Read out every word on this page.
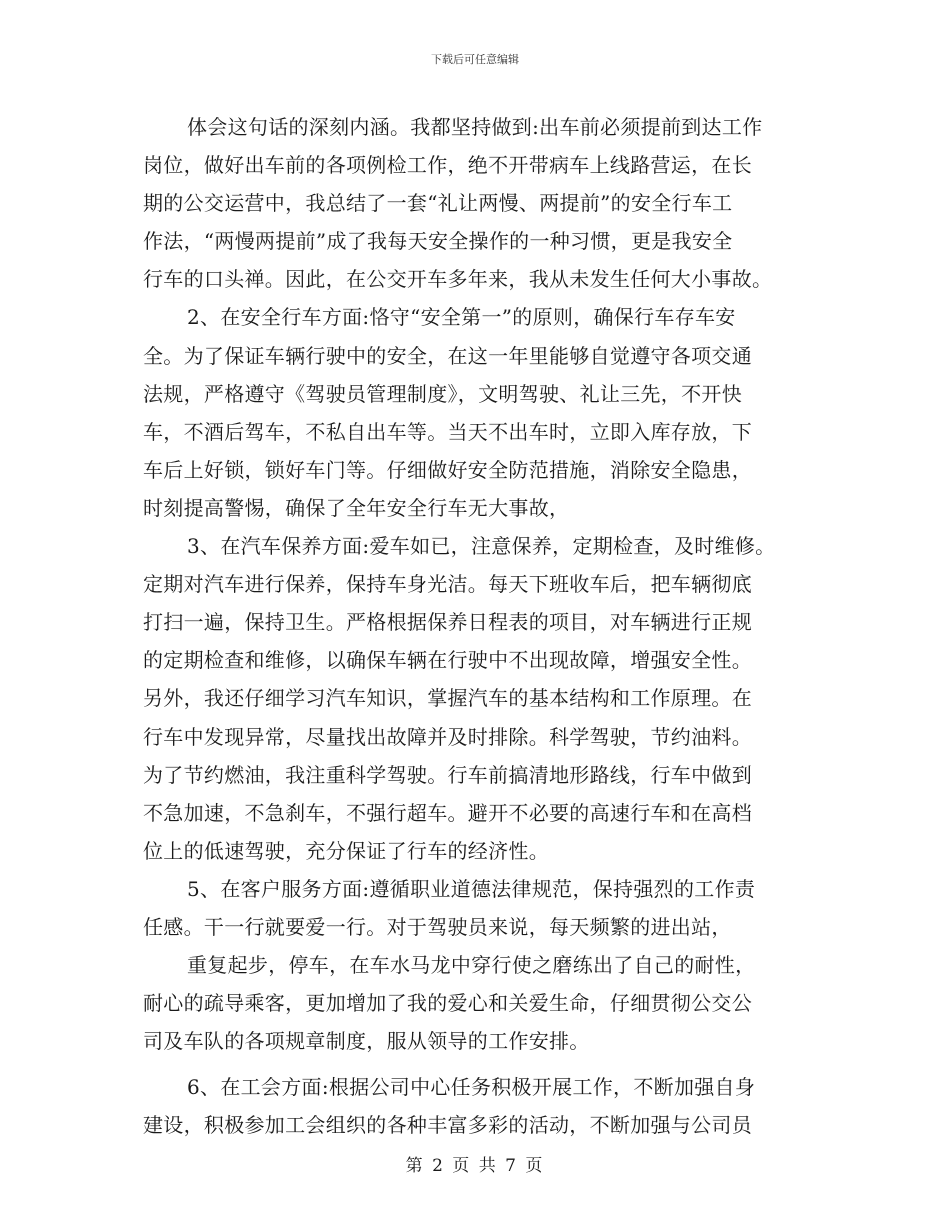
下载后可任意编辑
体会这句话的深刻内涵。我都坚持做到:出车前必须提前到达工作
岗位，做好出车前的各项例检工作，绝不开带病车上线路营运，在长
期的公交运营中，我总结了一套“礼让两慢、两提前”的安全行车工
作法，“两慢两提前”成了我每天安全操作的一种习惯，更是我安全
行车的口头禅。因此，在公交开车多年来，我从未发生任何大小事故。
2、在安全行车方面:恪守“安全第一”的原则，确保行车存车安
全。为了保证车辆行驶中的安全，在这一年里能够自觉遵守各项交通
法规，严格遵守《驾驶员管理制度》，文明驾驶、礼让三先，不开快
车，不酒后驾车，不私自出车等。当天不出车时，立即入库存放，下
车后上好锁，锁好车门等。仔细做好安全防范措施，消除安全隐患，
时刻提高警惕，确保了全年安全行车无大事故，
3、在汽车保养方面:爱车如已，注意保养，定期检查，及时维修。
定期对汽车进行保养，保持车身光洁。每天下班收车后，把车辆彻底
打扫一遍，保持卫生。严格根据保养日程表的项目，对车辆进行正规
的定期检查和维修，以确保车辆在行驶中不出现故障，增强安全性。
另外，我还仔细学习汽车知识，掌握汽车的基本结构和工作原理。在
行车中发现异常，尽量找出故障并及时排除。科学驾驶，节约油料。
为了节约燃油，我注重科学驾驶。行车前搞清地形路线，行车中做到
不急加速，不急刹车，不强行超车。避开不必要的高速行车和在高档
位上的低速驾驶，充分保证了行车的经济性。
5、在客户服务方面:遵循职业道德法律规范，保持强烈的工作责
任感。干一行就要爱一行。对于驾驶员来说，每天频繁的进出站，
重复起步，停车，在车水马龙中穿行使之磨练出了自己的耐性，
耐心的疏导乘客，更加增加了我的爱心和关爱生命，仔细贯彻公交公
司及车队的各项规章制度，服从领导的工作安排。
6、在工会方面:根据公司中心任务积极开展工作，不断加强自身
建设，积极参加工会组织的各种丰富多彩的活动，不断加强与公司员
第 2 页 共 7 页
